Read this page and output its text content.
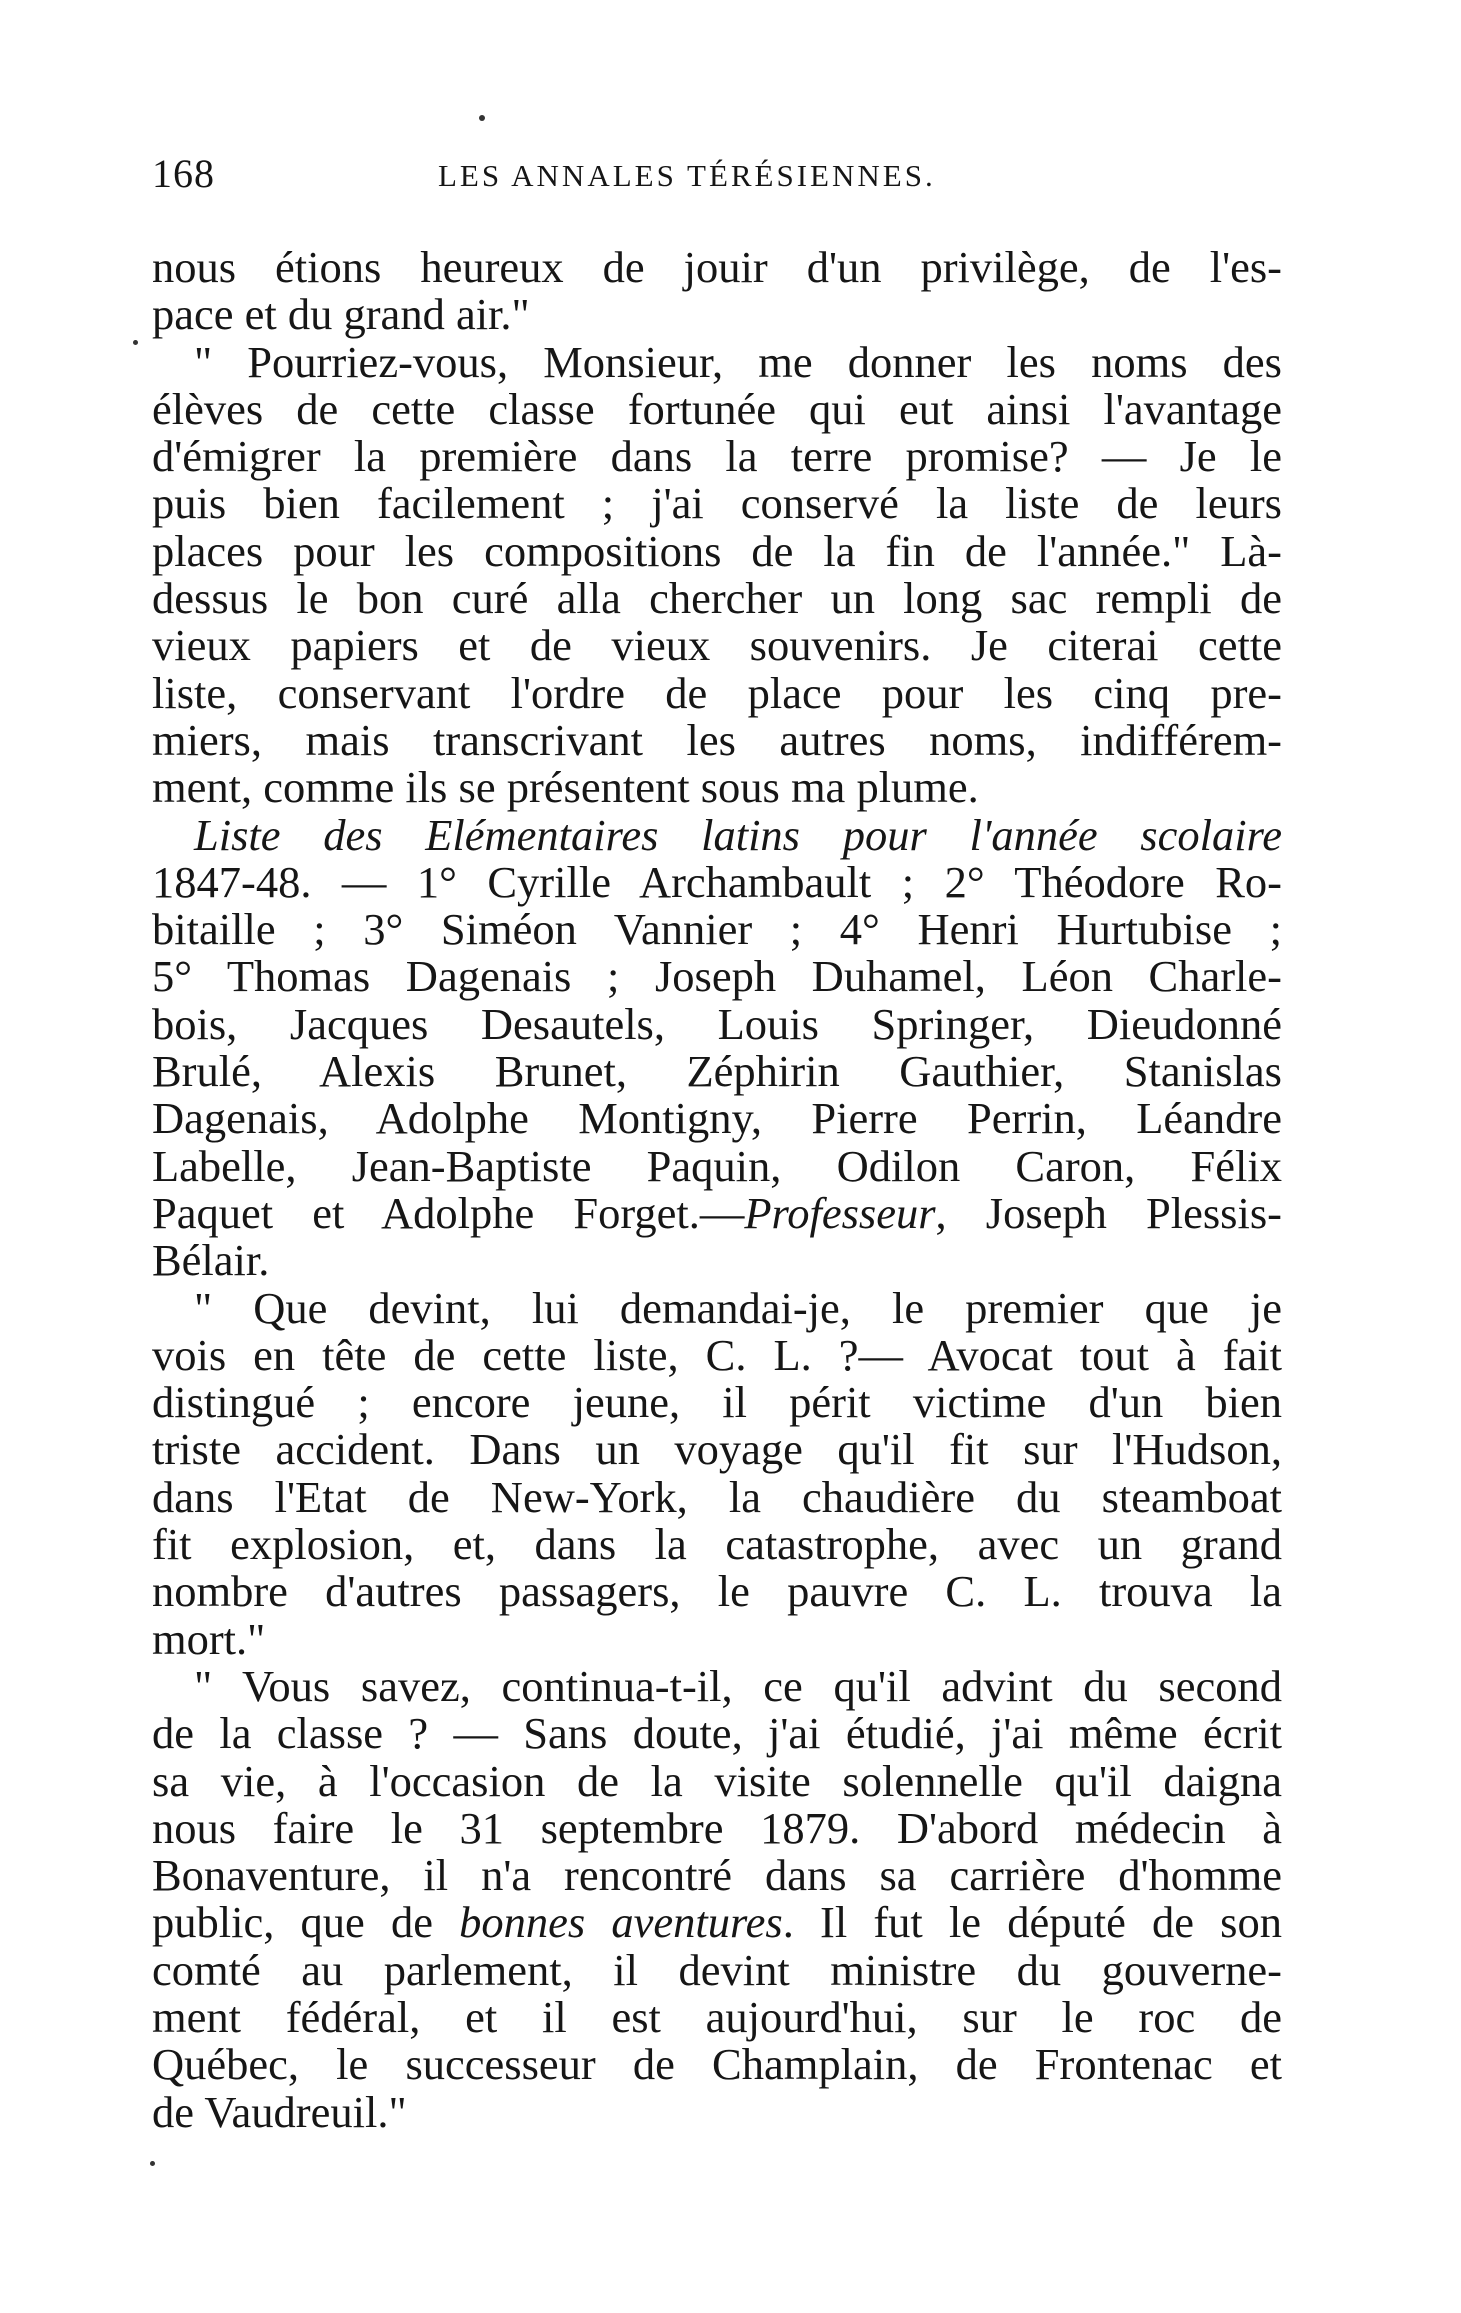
168	LES ANNALES TÉRÉSIENNES.
nous étions heureux de jouir d'un privilège, de l'es-
pace et du grand air."
" Pourriez-vous, Monsieur, me donner les noms des
élèves de cette classe fortunée qui eut ainsi l'avantage
d'émigrer la première dans la terre promise? — Je le
puis bien facilement ; j'ai conservé la liste de leurs
places pour les compositions de la fin de l'année." Là-
dessus le bon curé alla chercher un long sac rempli de
vieux papiers et de vieux souvenirs. Je citerai cette
liste, conservant l'ordre de place pour les cinq pre-
miers, mais transcrivant les autres noms, indifférem-
ment, comme ils se présentent sous ma plume.
Liste des Elémentaires latins pour l'année scolaire
1847-48. — 1° Cyrille Archambault ; 2° Théodore Ro-
bitaille ; 3° Siméon Vannier ; 4° Henri Hurtubise ;
5° Thomas Dagenais ; Joseph Duhamel, Léon Charle-
bois, Jacques Desautels, Louis Springer, Dieudonné
Brulé, Alexis Brunet, Zéphirin Gauthier, Stanislas
Dagenais, Adolphe Montigny, Pierre Perrin, Léandre
Labelle, Jean-Baptiste Paquin, Odilon Caron, Félix
Paquet et Adolphe Forget.—Professeur, Joseph Plessis-
Bélair.
" Que devint, lui demandai-je, le premier que je
vois en tête de cette liste, C. L. ?— Avocat tout à fait
distingué ; encore jeune, il périt victime d'un bien
triste accident. Dans un voyage qu'il fit sur l'Hudson,
dans l'Etat de New-York, la chaudière du steamboat
fit explosion, et, dans la catastrophe, avec un grand
nombre d'autres passagers, le pauvre C. L. trouva la
mort."
" Vous savez, continua-t-il, ce qu'il advint du second
de la classe ? — Sans doute, j'ai étudié, j'ai même écrit
sa vie, à l'occasion de la visite solennelle qu'il daigna
nous faire le 31 septembre 1879. D'abord médecin à
Bonaventure, il n'a rencontré dans sa carrière d'homme
public, que de bonnes aventures. Il fut le député de son
comté au parlement, il devint ministre du gouverne-
ment fédéral, et il est aujourd'hui, sur le roc de
Québec, le successeur de Champlain, de Frontenac et
de Vaudreuil."
